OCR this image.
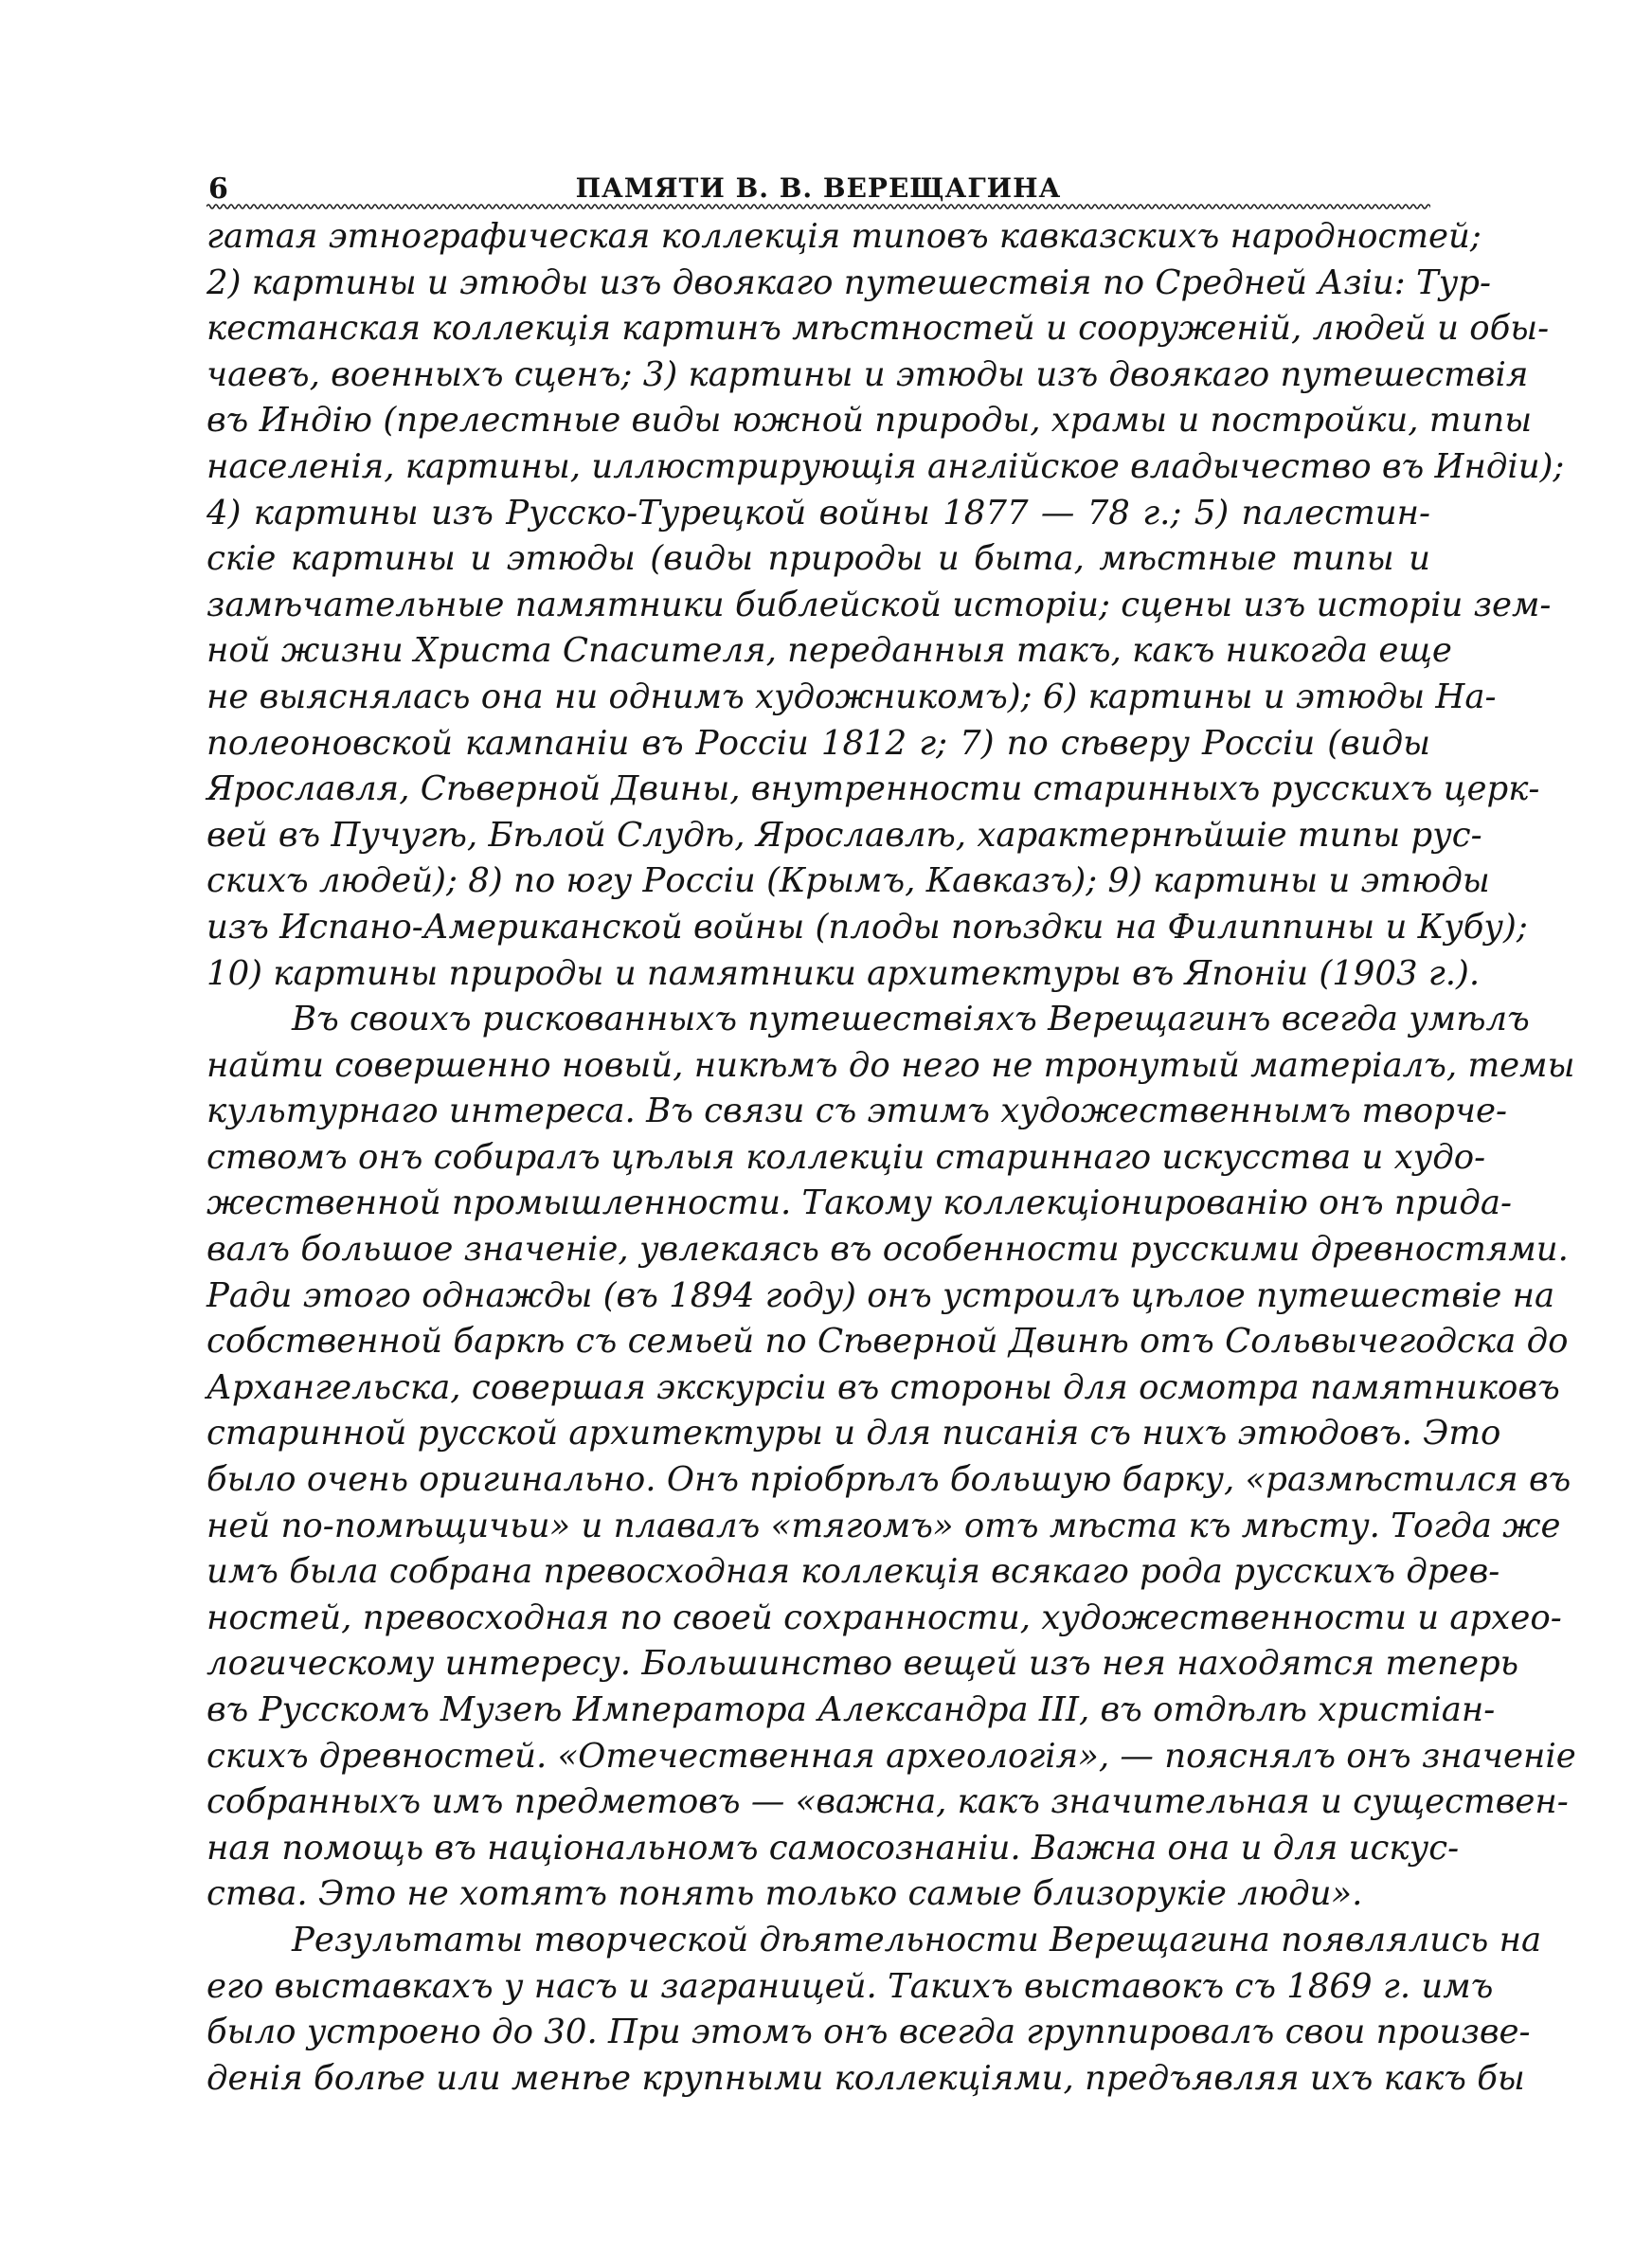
6	ПАМЯТИ В. В. ВЕРЕЩАГИНА
гатая этнографическая коллекцiя типовъ кавказскихъ народностей;
2) картины и этюды изъ двоякаго путешествiя по Средней Азiи: Тур-
кестанская коллекцiя картинъ мѣстностей и сооруженiй, людей и обы-
чаевъ, военныхъ сценъ; 3) картины и этюды изъ двоякаго путешествiя
въ Индiю (прелестные виды южной природы, храмы и постройки, типы
населенiя, картины, иллюстрирующiя англiйское владычество въ Индiи);
4) картины изъ Русско-Турецкой войны 1877 — 78 г.; 5) палестин-
скiе картины и этюды (виды природы и быта, мѣстные типы и
замѣчательные памятники библейской исторiи; сцены изъ исторiи зем-
ной жизни Христа Спасителя, переданныя такъ, какъ никогда еще
не выяснялась она ни однимъ художникомъ); 6) картины и этюды На-
полеоновской кампанiи въ Россiи 1812 г; 7) по сѣверу Россiи (виды
Ярославля, Сѣверной Двины, внутренности старинныхъ русскихъ церк-
вей въ Пучугѣ, Бѣлой Слудѣ, Ярославлѣ, характернѣйшiе типы рус-
скихъ людей); 8) по югу Россiи (Крымъ, Кавказъ); 9) картины и этюды
изъ Испано-Американской войны (плоды поѣздки на Филиппины и Кубу);
10) картины природы и памятники архитектуры въ Японiи (1903 г.).
Въ своихъ рискованныхъ путешествiяхъ Верещагинъ всегда умѣлъ
найти совершенно новый, никѣмъ до него не тронутый матерiалъ, темы
культурнаго интереса. Въ связи съ этимъ художественнымъ творче-
ствомъ онъ собиралъ цѣлыя коллекцiи стариннаго искусства и худо-
жественной промышленности. Такому коллекцiонированiю онъ прида-
валъ большое значенiе, увлекаясь въ особенности русскими древностями.
Ради этого однажды (въ 1894 году) онъ устроилъ цѣлое путешествiе на
собственной баркѣ съ семьей по Сѣверной Двинѣ отъ Сольвычегодска до
Архангельска, совершая экскурсiи въ стороны для осмотра памятниковъ
старинной русской архитектуры и для писанiя съ нихъ этюдовъ. Это
было очень оригинально. Онъ прiобрѣлъ большую барку, «размѣстился въ
ней по-помѣщичьи» и плавалъ «тягомъ» отъ мѣста къ мѣсту. Тогда же
имъ была собрана превосходная коллекцiя всякаго рода русскихъ древ-
ностей, превосходная по своей сохранности, художественности и архео-
логическому интересу. Большинство вещей изъ нея находятся теперь
въ Русскомъ Музеѣ Императора Александра III, въ отдѣлѣ христiан-
скихъ древностей. «Отечественная археологiя», — пояснялъ онъ значенiе
собранныхъ имъ предметовъ — «важна, какъ значительная и существен-
ная помощь въ нацiональномъ самосознанiи. Важна она и для искус-
ства. Это не хотятъ понять только самые близорукiе люди».
Результаты творческой дѣятельности Верещагина появлялись на
его выставкахъ у насъ и заграницей. Такихъ выставокъ съ 1869 г. имъ
было устроено до 30. При этомъ онъ всегда группировалъ свои произве-
денiя болѣе или менѣе крупными коллекцiями, предъявляя ихъ какъ бы
